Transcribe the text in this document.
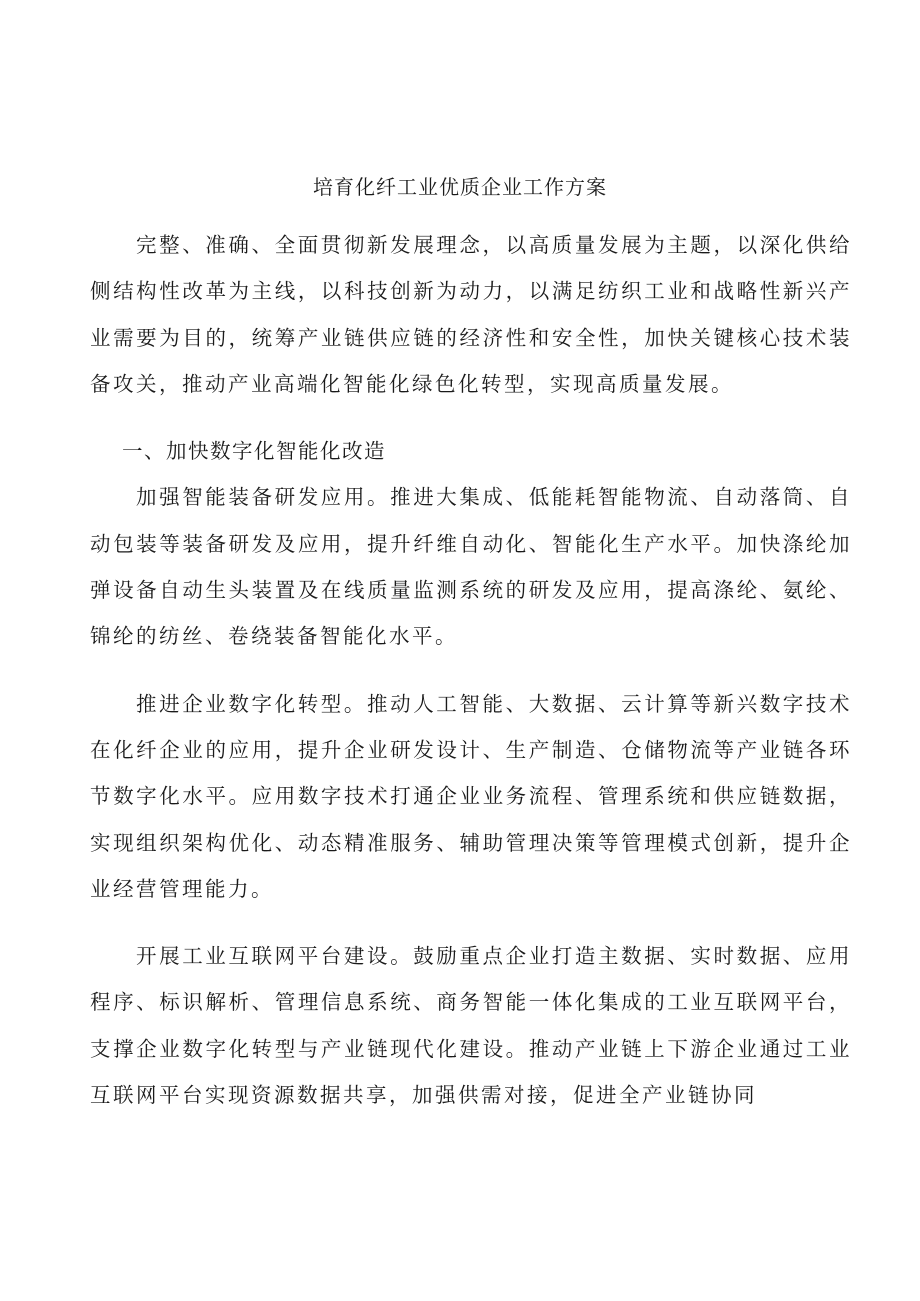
培育化纤工业优质企业工作方案

完整、准确、全面贯彻新发展理念，以高质量发展为主题，以深化供给侧结构性改革为主线，以科技创新为动力，以满足纺织工业和战略性新兴产业需要为目的，统筹产业链供应链的经济性和安全性，加快关键核心技术装备攻关，推动产业高端化智能化绿色化转型，实现高质量发展。

一、加快数字化智能化改造

加强智能装备研发应用。推进大集成、低能耗智能物流、自动落筒、自动包装等装备研发及应用，提升纤维自动化、智能化生产水平。加快涤纶加弹设备自动生头装置及在线质量监测系统的研发及应用，提高涤纶、氨纶、锦纶的纺丝、卷绕装备智能化水平。

推进企业数字化转型。推动人工智能、大数据、云计算等新兴数字技术在化纤企业的应用，提升企业研发设计、生产制造、仓储物流等产业链各环节数字化水平。应用数字技术打通企业业务流程、管理系统和供应链数据，实现组织架构优化、动态精准服务、辅助管理决策等管理模式创新，提升企业经营管理能力。

开展工业互联网平台建设。鼓励重点企业打造主数据、实时数据、应用程序、标识解析、管理信息系统、商务智能一体化集成的工业互联网平台，支撑企业数字化转型与产业链现代化建设。推动产业链上下游企业通过工业互联网平台实现资源数据共享，加强供需对接，促进全产业链协同
